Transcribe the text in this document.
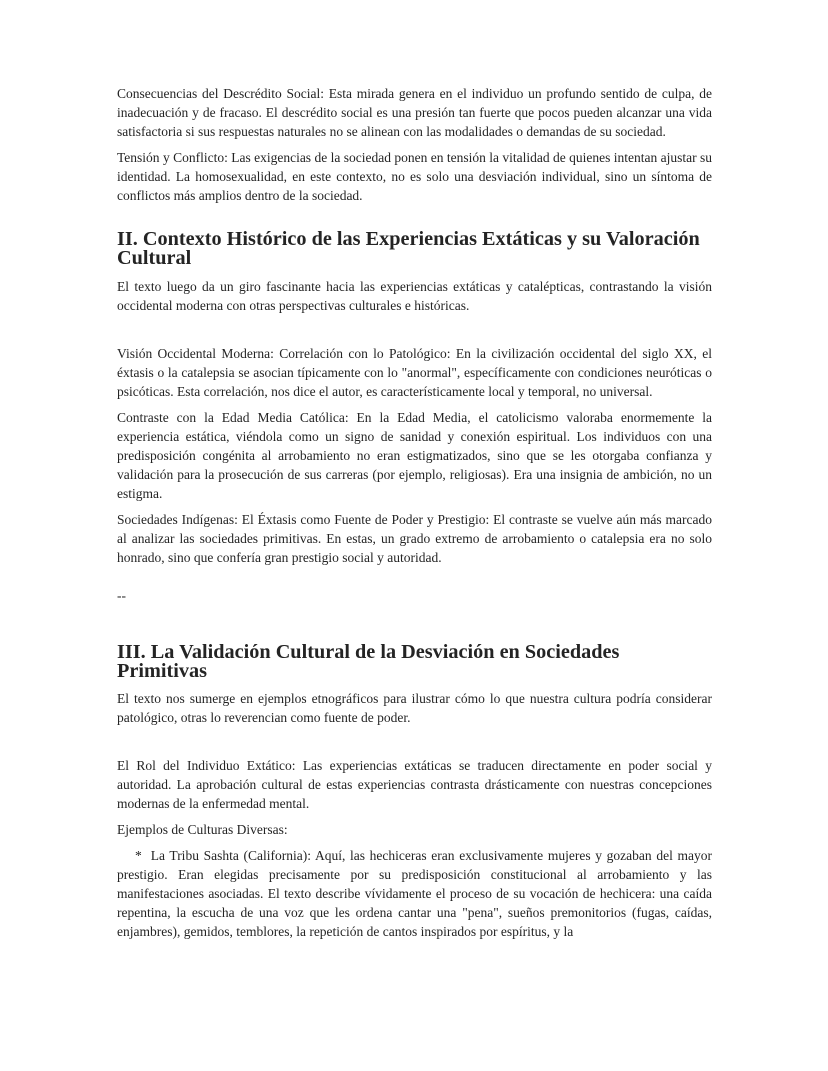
Consecuencias del Descrédito Social: Esta mirada genera en el individuo un profundo sentido de culpa, de inadecuación y de fracaso. El descrédito social es una presión tan fuerte que pocos pueden alcanzar una vida satisfactoria si sus respuestas naturales no se alinean con las modalidades o demandas de su sociedad.

Tensión y Conflicto: Las exigencias de la sociedad ponen en tensión la vitalidad de quienes intentan ajustar su identidad. La homosexualidad, en este contexto, no es solo una desviación individual, sino un síntoma de conflictos más amplios dentro de la sociedad.

II. Contexto Histórico de las Experiencias Extáticas y su Valoración Cultural

El texto luego da un giro fascinante hacia las experiencias extáticas y catalépticas, contrastando la visión occidental moderna con otras perspectivas culturales e históricas.

Visión Occidental Moderna: Correlación con lo Patológico: En la civilización occidental del siglo XX, el éxtasis o la catalepsia se asocian típicamente con lo "anormal", específicamente con condiciones neuróticas o psicóticas. Esta correlación, nos dice el autor, es característicamente local y temporal, no universal.

Contraste con la Edad Media Católica: En la Edad Media, el catolicismo valoraba enormemente la experiencia estática, viéndola como un signo de sanidad y conexión espiritual. Los individuos con una predisposición congénita al arrobamiento no eran estigmatizados, sino que se les otorgaba confianza y validación para la prosecución de sus carreras (por ejemplo, religiosas). Era una insignia de ambición, no un estigma.

Sociedades Indígenas: El Éxtasis como Fuente de Poder y Prestigio: El contraste se vuelve aún más marcado al analizar las sociedades primitivas. En estas, un grado extremo de arrobamiento o catalepsia era no solo honrado, sino que confería gran prestigio social y autoridad.

--

III. La Validación Cultural de la Desviación en Sociedades Primitivas

El texto nos sumerge en ejemplos etnográficos para ilustrar cómo lo que nuestra cultura podría considerar patológico, otras lo reverencian como fuente de poder.

El Rol del Individuo Extático: Las experiencias extáticas se traducen directamente en poder social y autoridad. La aprobación cultural de estas experiencias contrasta drásticamente con nuestras concepciones modernas de la enfermedad mental.

Ejemplos de Culturas Diversas:

* La Tribu Sashta (California): Aquí, las hechiceras eran exclusivamente mujeres y gozaban del mayor prestigio. Eran elegidas precisamente por su predisposición constitucional al arrobamiento y las manifestaciones asociadas. El texto describe vívidamente el proceso de su vocación de hechicera: una caída repentina, la escucha de una voz que les ordena cantar una "pena", sueños premonitorios (fugas, caídas, enjambres), gemidos, temblores, la repetición de cantos inspirados por espíritus, y la
